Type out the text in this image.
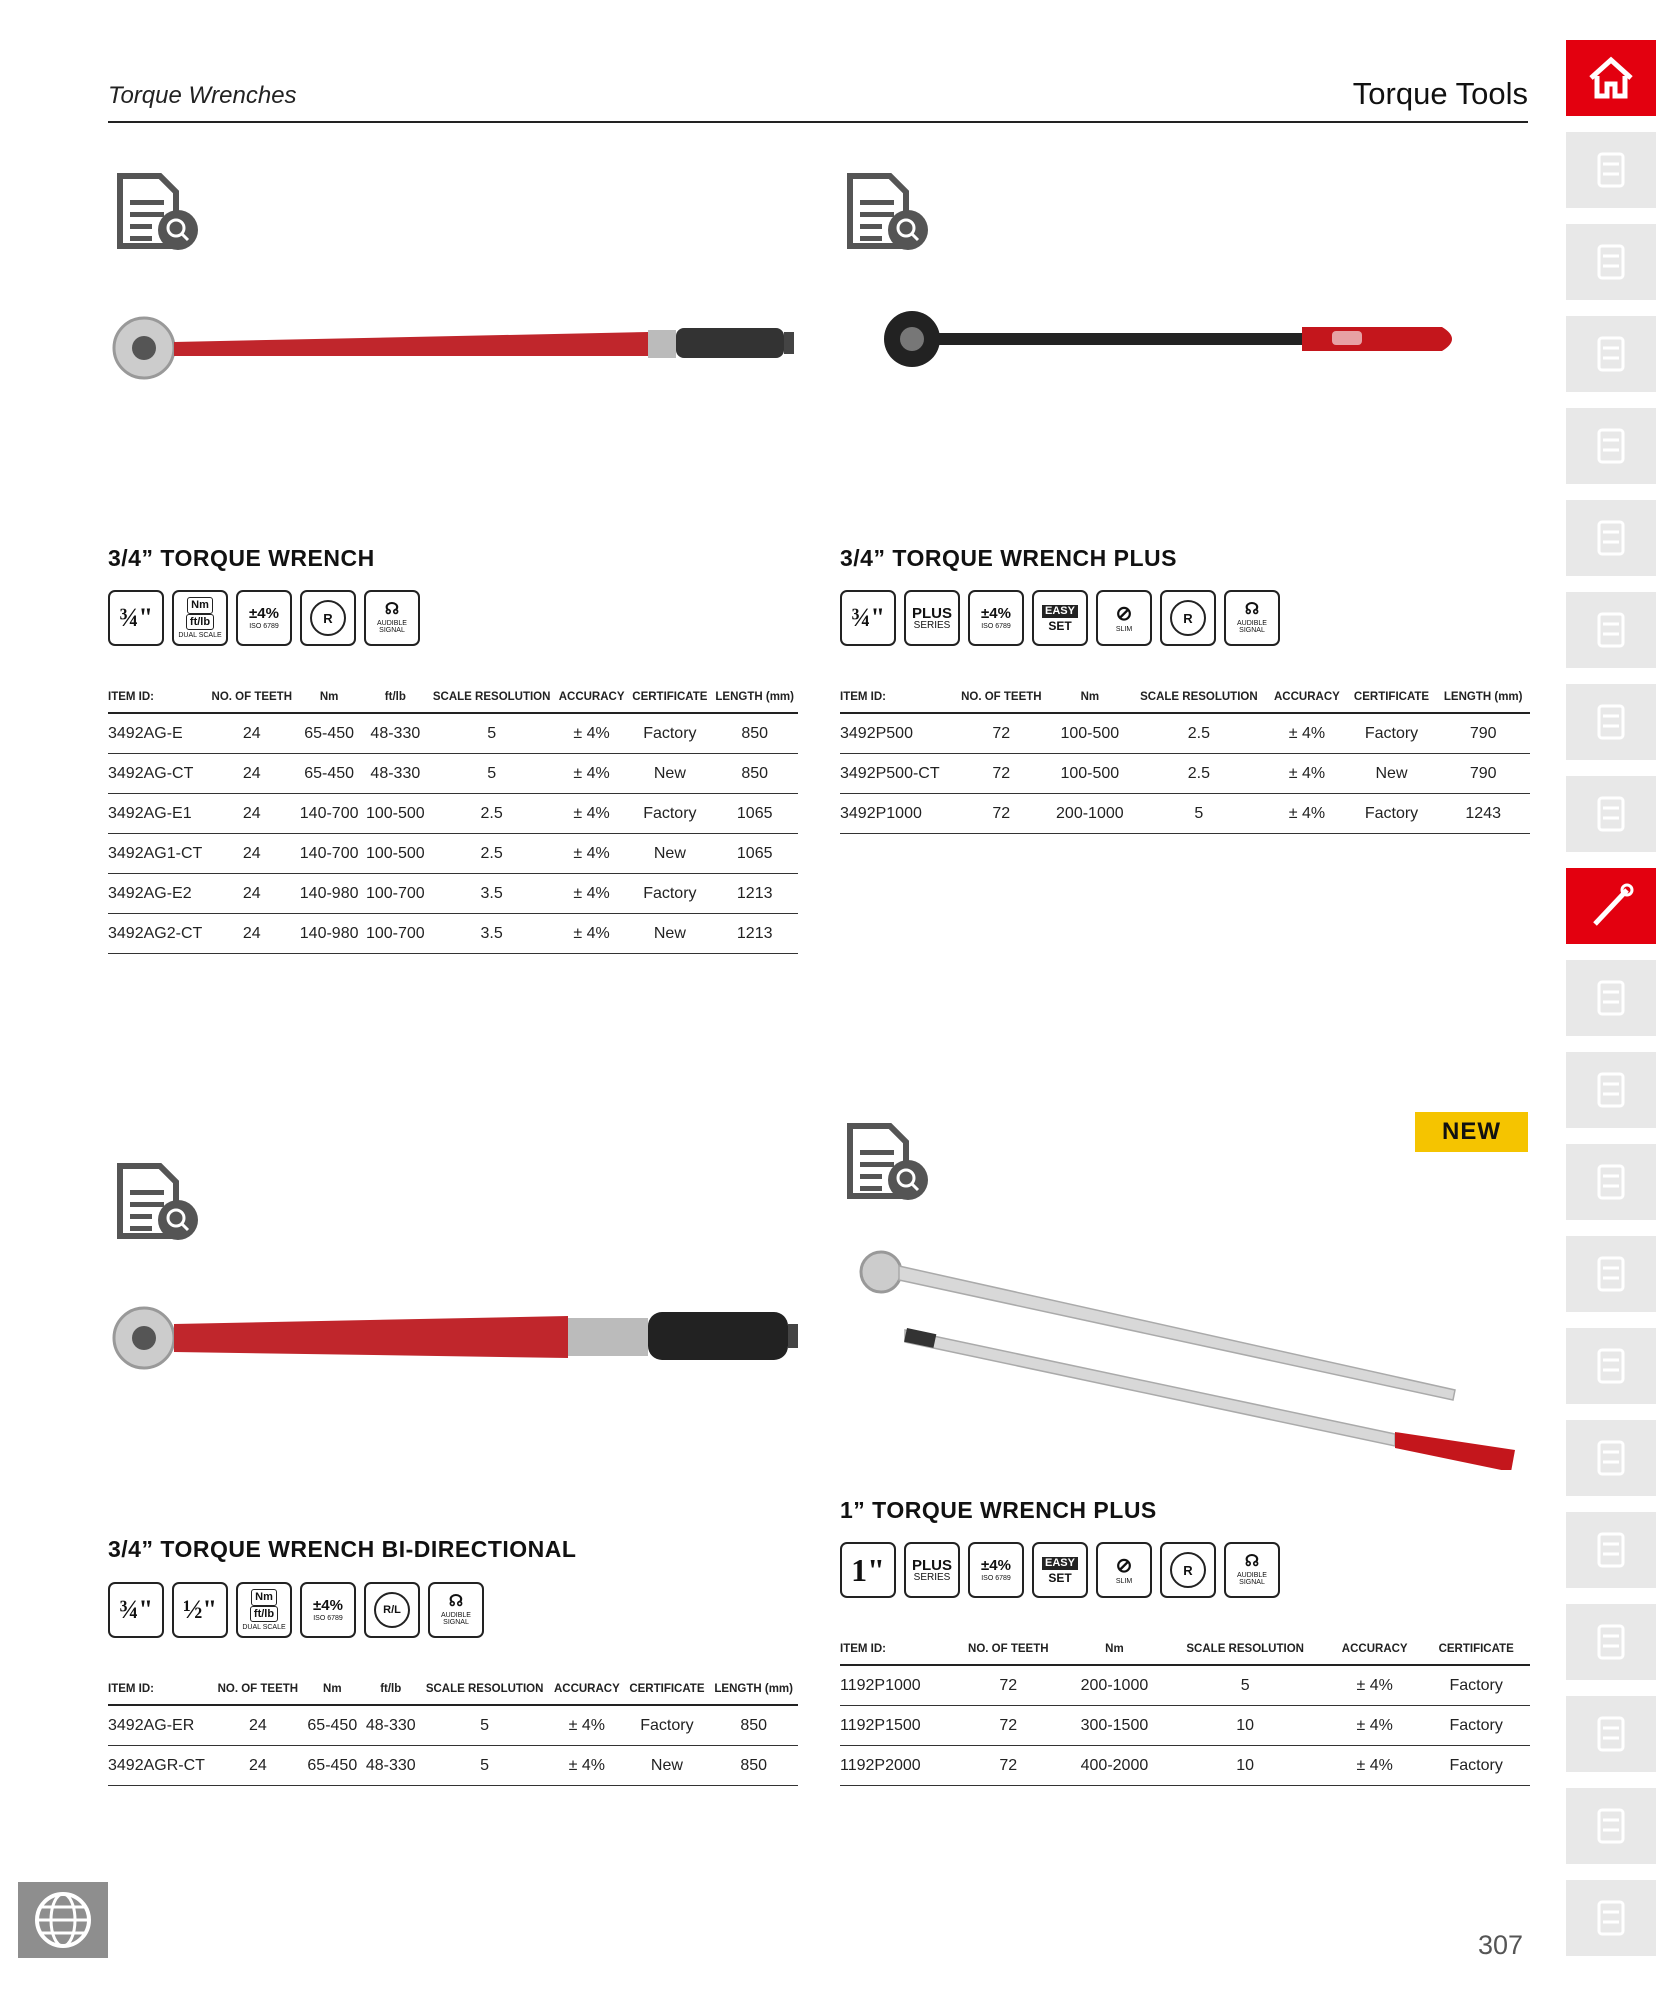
Torque Wrenches	Torque Tools
3/4” TORQUE WRENCH
¾"	Nm
ft/lb
DUAL SCALE
±4%
ISO 6789
R	☊
AUDIBLE
SIGNAL
ITEM ID:	NO. OF TEETH	Nm	ft/lb	SCALE RESOLUTION	ACCURACY	CERTIFICATE	LENGTH (mm)
3492AG-E	24	65-450	48-330	5	± 4%	Factory	850
3492AG-CT	24	65-450	48-330	5	± 4%	New	850
3492AG-E1	24	140-700	100-500	2.5	± 4%	Factory	1065
3492AG1-CT	24	140-700	100-500	2.5	± 4%	New	1065
3492AG-E2	24	140-980	100-700	3.5	± 4%	Factory	1213
3492AG2-CT	24	140-980	100-700	3.5	± 4%	New	1213
3/4” TORQUE WRENCH PLUS
¾" PLUS
SERIES
±4%
ISO 6789
EASY
SET
⊘
SLIM
R	☊
AUDIBLE
SIGNAL
ITEM ID:	NO. OF TEETH	Nm	SCALE RESOLUTION	ACCURACY	CERTIFICATE	LENGTH (mm)
3492P500	72	100-500	2.5	± 4%	Factory	790
3492P500-CT	72	100-500	2.5	± 4%	New	790
3492P1000	72	200-1000	5	± 4%	Factory	1243
3/4” TORQUE WRENCH BI-DIRECTIONAL
¾" ½"	Nm
ft/lb
DUAL SCALE
±4%
ISO 6789
R/L	☊
AUDIBLE
SIGNAL
ITEM ID:	NO. OF TEETH	Nm	ft/lb	SCALE RESOLUTION	ACCURACY	CERTIFICATE	LENGTH (mm)
3492AG-ER	24	65-450	48-330	5	± 4%	Factory	850
3492AGR-CT	24	65-450	48-330	5	± 4%	New	850
NEW
1” TORQUE WRENCH PLUS
1" PLUS
SERIES
±4%
ISO 6789
EASY
SET
⊘
SLIM
R	☊
AUDIBLE
SIGNAL
ITEM ID:	NO. OF TEETH	Nm	SCALE RESOLUTION	ACCURACY	CERTIFICATE
1192P1000	72	200-1000	5	± 4%	Factory
1192P1500	72	300-1500	10	± 4%	Factory
1192P2000	72	400-2000	10	± 4%	Factory
307
